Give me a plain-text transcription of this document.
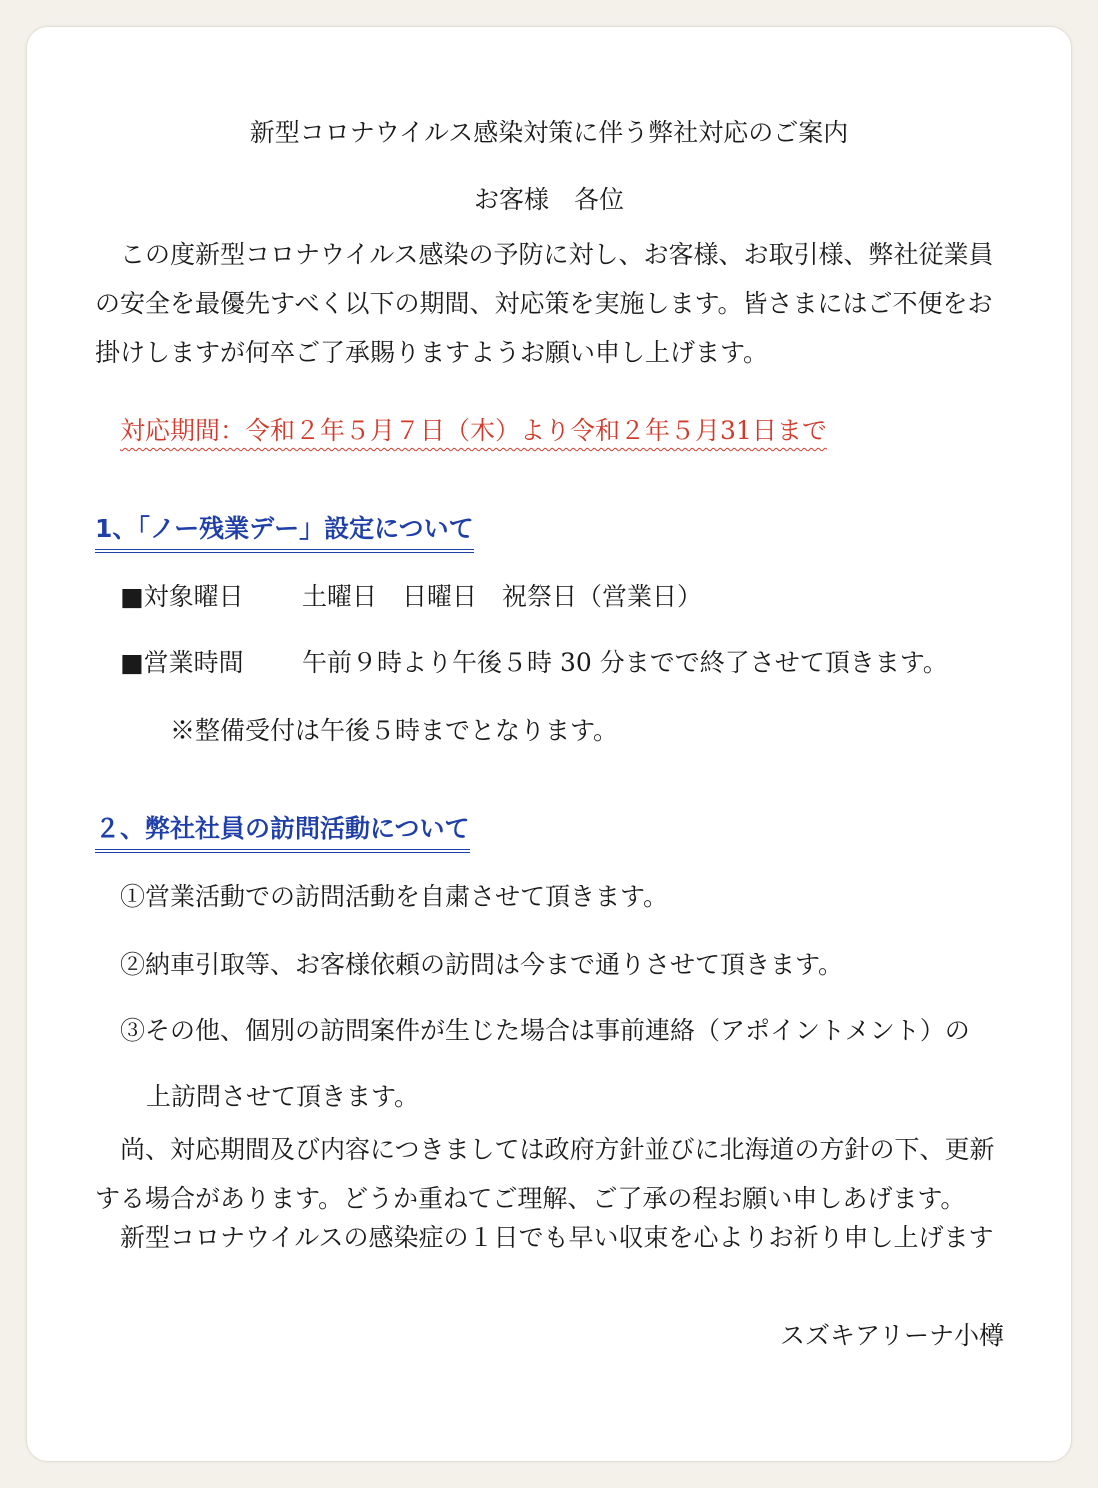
新型コロナウイルス感染対策に伴う弊社対応のご案内
お客様　各位
この度新型コロナウイルス感染の予防に対し、お客様、お取引様、弊社従業員の安全を最優先すべく以下の期間、対応策を実施します。皆さまにはご不便をお掛けしますが何卒ご了承賜りますようお願い申し上げます。
対応期間：令和２年５月７日（木）より令和２年５月31日まで
1、「ノー残業デー」設定について
■対象曜日 土曜日　日曜日　祝祭日（営業日）
■営業時間 午前９時より午後５時 30 分までで終了させて頂きます。
※整備受付は午後５時までとなります。
２、弊社社員の訪問活動について
①営業活動での訪問活動を自粛させて頂きます。
②納車引取等、お客様依頼の訪問は今まで通りさせて頂きます。
③その他、個別の訪問案件が生じた場合は事前連絡（アポイントメント）の
上訪問させて頂きます。
尚、対応期間及び内容につきましては政府方針並びに北海道の方針の下、更新する場合があります。どうか重ねてご理解、ご了承の程お願い申しあげます。
新型コロナウイルスの感染症の１日でも早い収束を心よりお祈り申し上げます
スズキアリーナ小樽
